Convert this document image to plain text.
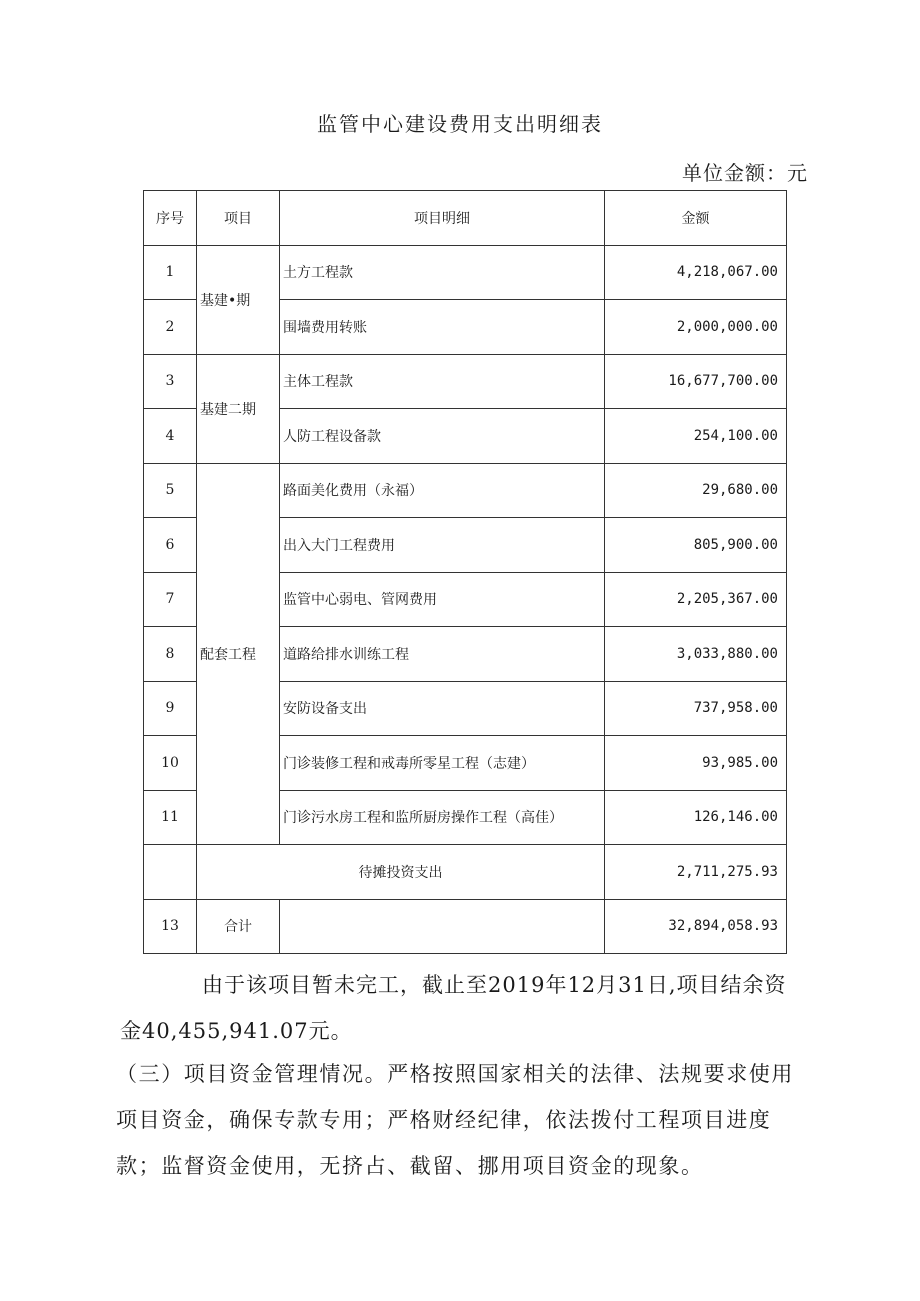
监管中心建设费用支出明细表
单位金额：元
序号	项目	项目明细	金额
1	基建•期	土方工程款	4,218,067.00
2		围墙费用转账	2,000,000.00
3	基建二期	主体工程款	16,677,700.00
4		人防工程设备款	254,100.00
5	配套工程	路面美化费用（永福）	29,680.00
6		出入大门工程费用	805,900.00
7		监管中心弱电、管网费用	2,205,367.00
8		道路给排水训练工程	3,033,880.00
9		安防设备支出	737,958.00
10		门诊装修工程和戒毒所零星工程（志建）	93,985.00
11		门诊污水房工程和监所厨房操作工程（高佳）	126,146.00
	待摊投资支出		2,711,275.93
13	合计		32,894,058.93

由于该项目暂未完工，截止至2019年12月31日,项目结余资金40,455,941.07元。

（三）项目资金管理情况。严格按照国家相关的法律、法规要求使用项目资金，确保专款专用；严格财经纪律，依法拨付工程项目进度款；监督资金使用，无挤占、截留、挪用项目资金的现象。
